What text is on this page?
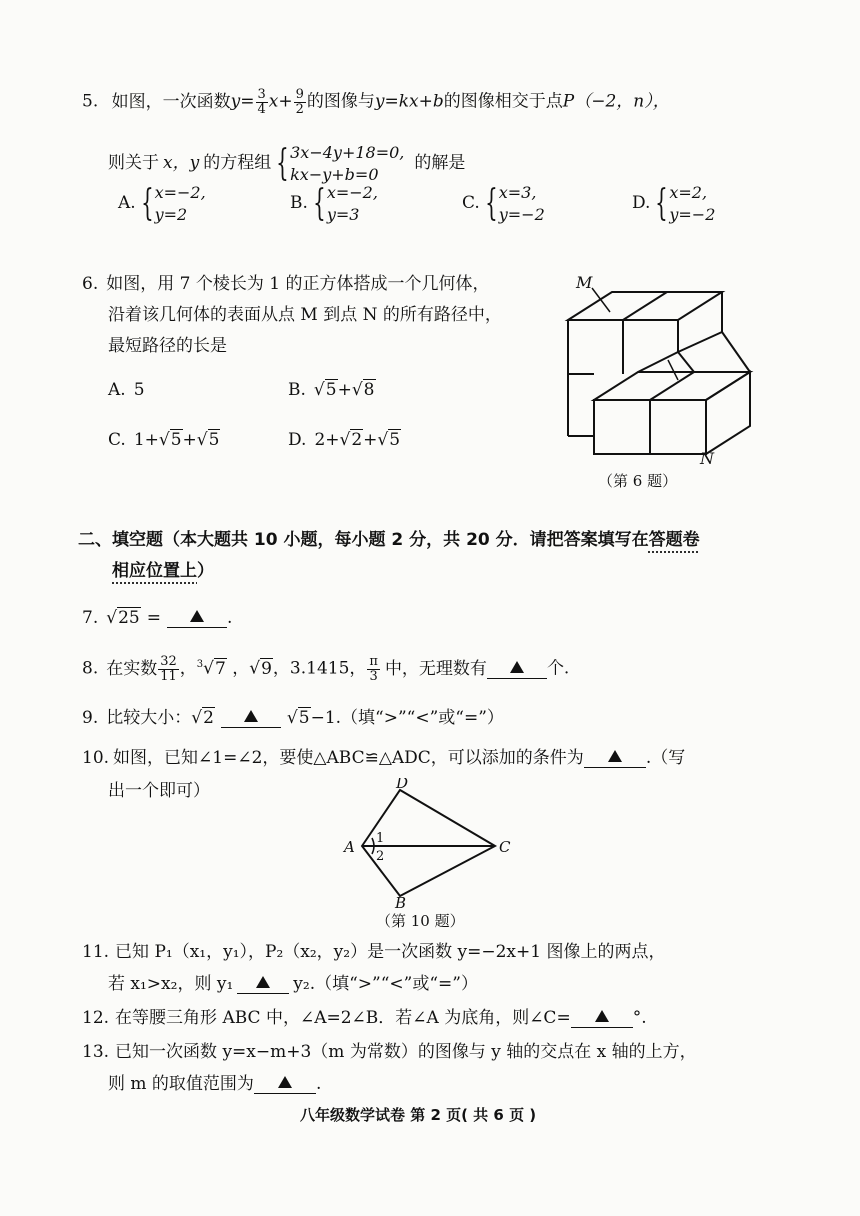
5. 如图，一次函数$y= \frac{3}{4} x+ \frac{9}{2}$ 的图像与y=kx+b的图像相交于点P（−2，n），
则关于 x，y 的方程组 { 3x−4y+18=0,
kx−y+b=0
的解是
A. { x=−2,
y=2
B. { x=−2,
y=3
C. { x=3,
y=−2
D. { x=2,
y=−2
6. 如图，用 7 个棱长为 1 的正方体搭成一个几何体，
沿着该几何体的表面从点 M 到点 N 的所有路径中，
最短路径的长是
A. 5	B. √5+√8
C. 1+√5+√5	D. 2+√2+√5
M
N
（第 6 题）
二、填空题（本大题共 10 小题，每小题 2 分，共 20 分．请把答案填写在答题卷
相应位置上）
7. √25 =	.
8. 在实数 $\frac{32}{11}$ ，$^3$√7 ，√9，3.1415， $\frac{\pi}{3}$ 中，无理数有	个.
9. 比较大小：√2	√5−1.（填“>”“<”或“=”）
10. 如图，已知∠1=∠2，要使△ABC≌△ADC，可以添加的条件为	.（写
出一个即可）	D
A	C
B
1
2
（第 10 题）
11. 已知 P₁（x₁，y₁），P₂（x₂，y₂）是一次函数 y=−2x+1 图像上的两点，
若 x₁>x₂，则 y₁	y₂.（填“>”“<”或“=”）
12. 在等腰三角形 ABC 中，∠A=2∠B．若∠A 为底角，则∠C=	°.
13. 已知一次函数 y=x−m+3（m 为常数）的图像与 y 轴的交点在 x 轴的上方，
则 m 的取值范围为	.
八年级数学试卷 第 2 页( 共 6 页 )
